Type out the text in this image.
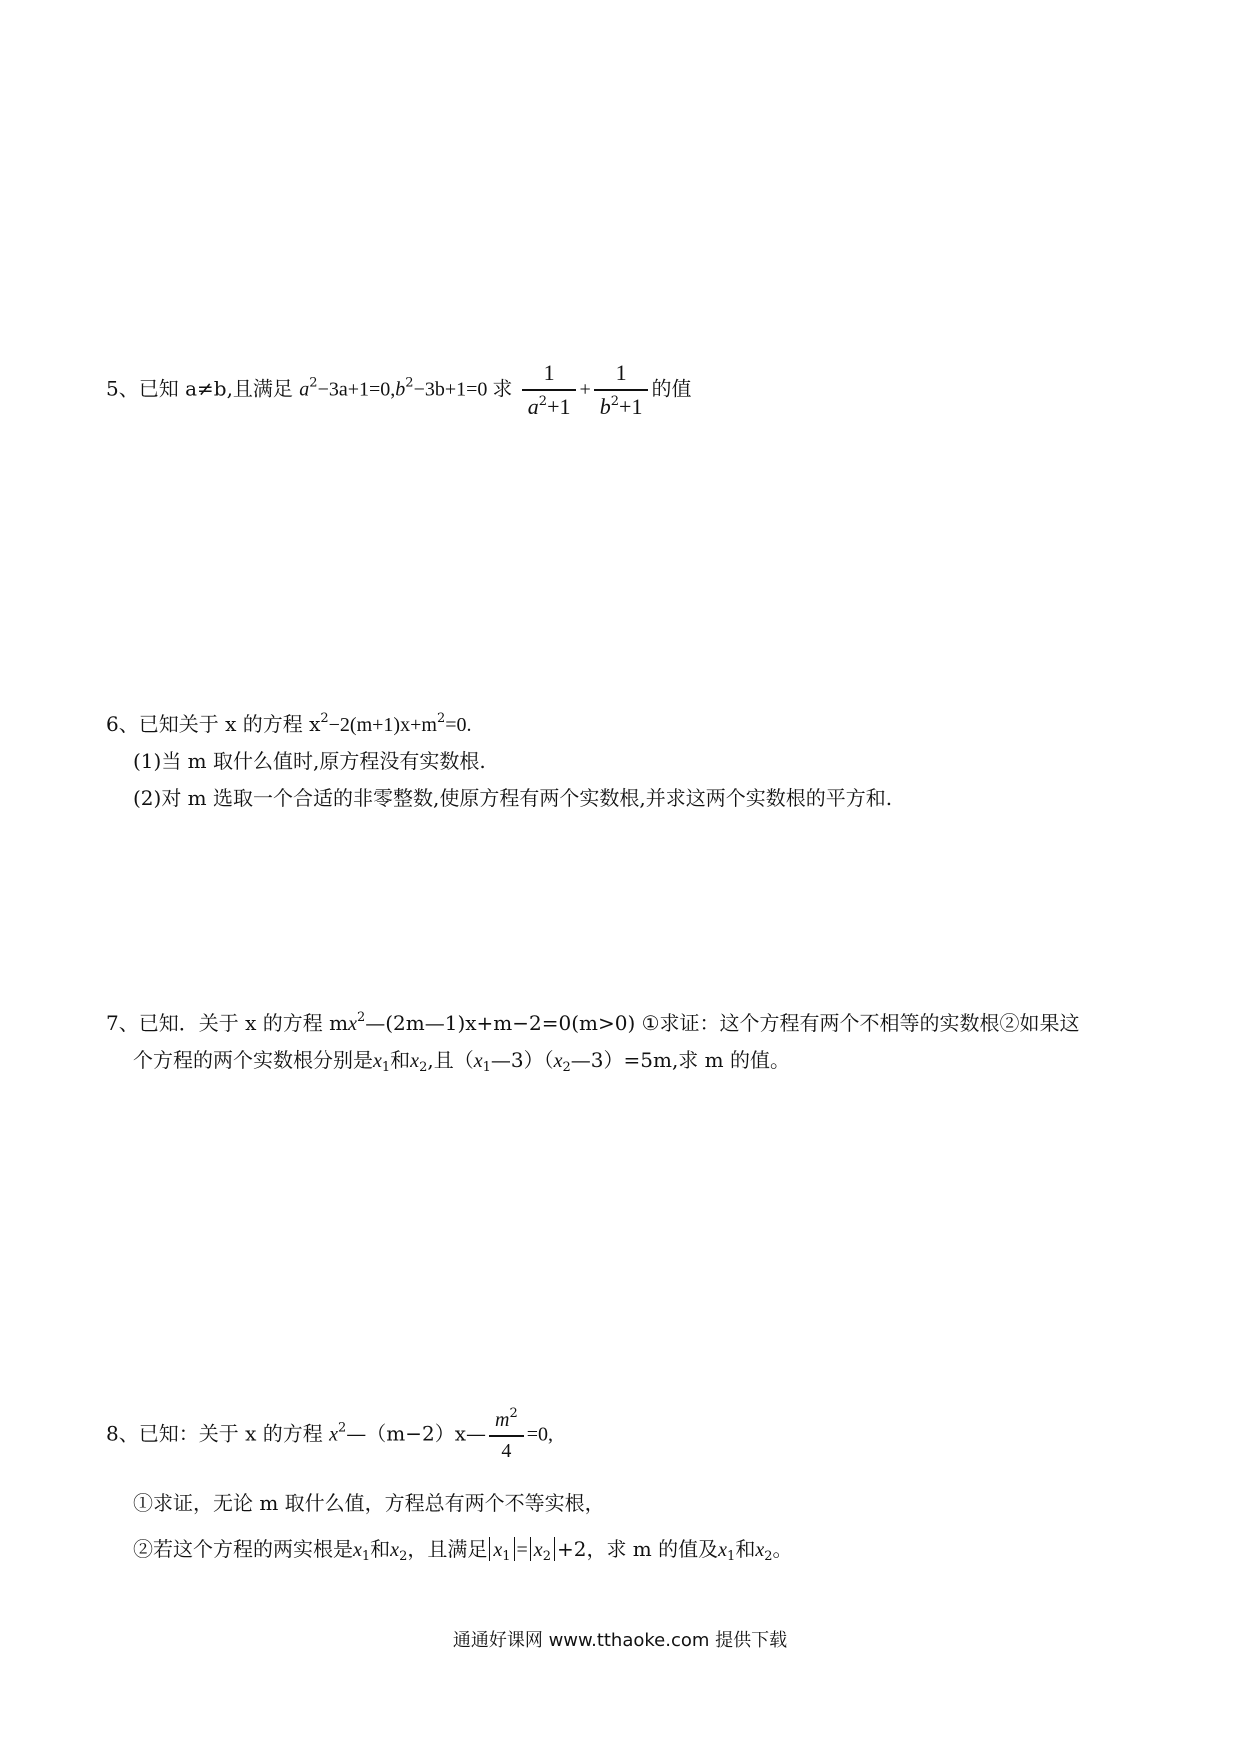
5、已知 a≠b,且满足 $a^2-3a+1=0,b^2-3b+1=0$ 求 $\frac{1}{a^2+1} + \frac{1}{b^2+1}$ 的值
6、已知关于 x 的方程 $x^2-2(m+1)x+m^2=0$.
(1)当 m 取什么值时,原方程没有实数根.
(2)对 m 选取一个合适的非零整数,使原方程有两个实数根,并求这两个实数根的平方和.
7、已知．关于 x 的方程 $mx^2—(2m—1)x+m-2=0(m>0)$ ①求证：这个方程有两个不相等的实数根②如果这
个方程的两个实数根分别是$x_1$和$x_2$,且$(x_1—3)(x_2—3)=5m$,求 m 的值。
8、已知：关于 x 的方程 $x^2—(m-2)x— \frac{m^2}{4} =0$,
①求证，无论 m 取什么值，方程总有两个不等实根，
②若这个方程的两实根是$x_1$和$x_2$，且满足 $x_1 = x_2 +2$，求 m 的值及$x_1$和$x_2$。
通通好课网 www.tthaoke.com 提供下载
